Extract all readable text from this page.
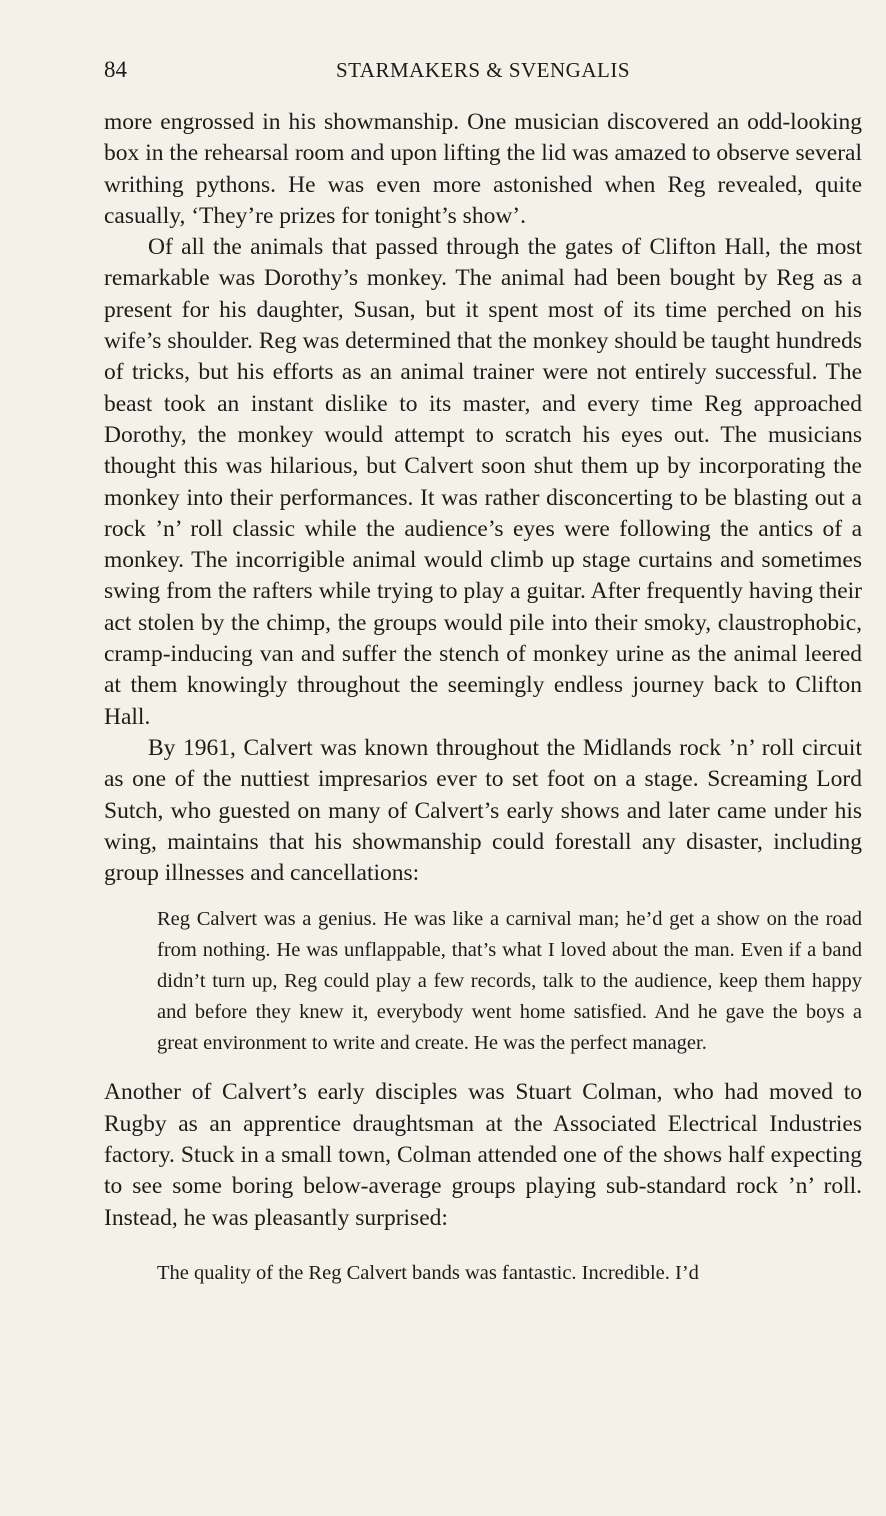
84	STARMAKERS & SVENGALIS

more engrossed in his showmanship. One musician discovered an odd-looking box in the rehearsal room and upon lifting the lid was amazed to observe several writhing pythons. He was even more astonished when Reg revealed, quite casually, ‘They’re prizes for tonight’s show’.

Of all the animals that passed through the gates of Clifton Hall, the most remarkable was Dorothy’s monkey. The animal had been bought by Reg as a present for his daughter, Susan, but it spent most of its time perched on his wife’s shoulder. Reg was determined that the monkey should be taught hundreds of tricks, but his efforts as an animal trainer were not entirely successful. The beast took an instant dislike to its master, and every time Reg approached Dorothy, the monkey would attempt to scratch his eyes out. The musicians thought this was hilarious, but Calvert soon shut them up by incorporating the monkey into their performances. It was rather disconcerting to be blasting out a rock ’n’ roll classic while the audience’s eyes were following the antics of a monkey. The incorrigible animal would climb up stage curtains and sometimes swing from the rafters while trying to play a guitar. After frequently having their act stolen by the chimp, the groups would pile into their smoky, claustrophobic, cramp-inducing van and suffer the stench of monkey urine as the animal leered at them knowingly throughout the seemingly endless journey back to Clifton Hall.

By 1961, Calvert was known throughout the Midlands rock ’n’ roll circuit as one of the nuttiest impresarios ever to set foot on a stage. Screaming Lord Sutch, who guested on many of Calvert’s early shows and later came under his wing, maintains that his showmanship could forestall any disaster, including group illnesses and cancellations:

Reg Calvert was a genius. He was like a carnival man; he’d get a show on the road from nothing. He was unflappable, that’s what I loved about the man. Even if a band didn’t turn up, Reg could play a few records, talk to the audience, keep them happy and before they knew it, everybody went home satisfied. And he gave the boys a great environment to write and create. He was the perfect manager.

Another of Calvert’s early disciples was Stuart Colman, who had moved to Rugby as an apprentice draughtsman at the Associated Electrical Industries factory. Stuck in a small town, Colman attended one of the shows half expecting to see some boring below-average groups playing sub-standard rock ’n’ roll. Instead, he was pleasantly surprised:

The quality of the Reg Calvert bands was fantastic. Incredible. I’d
